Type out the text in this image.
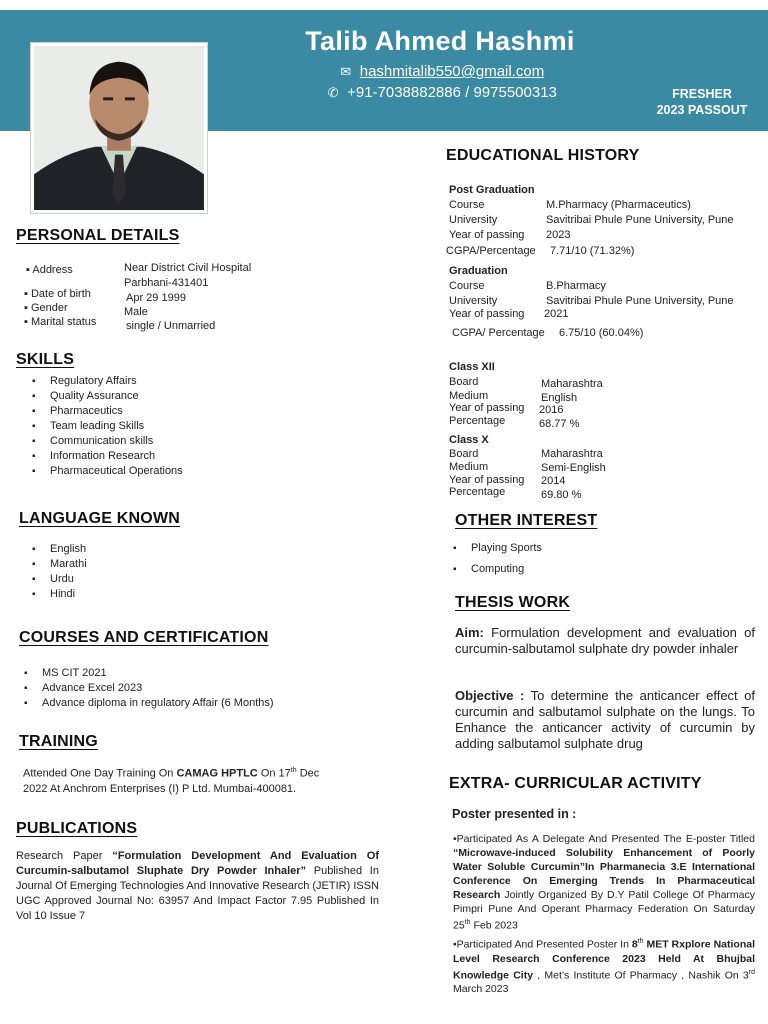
Talib Ahmed Hashmi
✉ hashmitalib550@gmail.com
✆ +91-7038882886 / 9975500313	FRESHER
2023 PASSOUT
PERSONAL DETAILS
▪ Address	Near District Civil Hospital
Parbhani-431401
▪ Date of birth	Apr 29 1999
▪ Gender	Male
▪ Marital status	single / Unmarried
SKILLS
▪ Regulatory Affairs
▪ Quality Assurance
▪ Pharmaceutics
▪ Team leading Skills
▪ Communication skills
▪ Information Research
▪ Pharmaceutical Operations
LANGUAGE KNOWN
▪ English
▪ Marathi
▪ Urdu
▪ Hindi
COURSES AND CERTIFICATION
▪ MS CIT 2021
▪ Advance Excel 2023
▪ Advance diploma in regulatory Affair (6 Months)
TRAINING
Attended One Day Training On CAMAG HPTLC On 17th Dec
2022 At Anchrom Enterprises (I) P Ltd. Mumbai-400081.
PUBLICATIONS
Research Paper “Formulation Development And Evaluation Of Curcumin-salbutamol Sluphate Dry Powder Inhaler” Published In Journal Of Emerging Technologies And Innovative Research (JETIR) ISSN UGC Approved Journal No: 63957 And Impact Factor 7.95 Published In Vol 10 Issue 7
EDUCATIONAL HISTORY
Post Graduation
Course	M.Pharmacy (Pharmaceutics)
University	Savitribai Phule Pune University, Pune
Year of passing 2023
CGPA/Percentage 7.71/10 (71.32%)
Graduation
Course	B.Pharmacy
University	Savitribai Phule Pune University, Pune
Year of passing 2021
CGPA/ Percentage 6.75/10 (60.04%)
Class XII
Board	Maharashtra
Medium	English
Year of passing 2016
Percentage	68.77 %
Class X
Board	Maharashtra
Medium	Semi-English
Year of passing 2014
Percentage	69.80 %
OTHER INTEREST
▪ Playing Sports
▪ Computing
THESIS WORK
Aim: Formulation development and evaluation of curcumin-salbutamol sulphate dry powder inhaler
Objective : To determine the anticancer effect of curcumin and salbutamol sulphate on the lungs. To Enhance the anticancer activity of curcumin by adding salbutamol sulphate drug
EXTRA- CURRICULAR ACTIVITY
Poster presented in :
•Participated As A Delegate And Presented The E-poster Titled “Microwave-induced Solubility Enhancement of Poorly Water Soluble Curcumin”In Pharmanecia 3.E International Conference On Emerging Trends In Pharmaceutical Research Jointly Organized By D.Y Patil College Of Pharmacy Pimpri Pune And Operant Pharmacy Federation On Saturday 25th Feb 2023
•Participated And Presented Poster In 8th MET Rxplore National Level Research Conference 2023 Held At Bhujbal Knowledge City , Met’s Institute Of Pharmacy , Nashik On 3rd March 2023
